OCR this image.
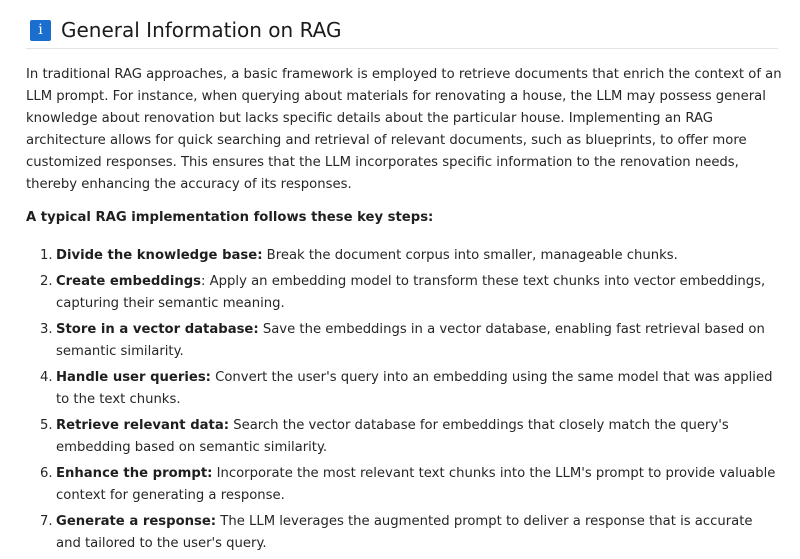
i General Information on RAG

In traditional RAG approaches, a basic framework is employed to retrieve documents that enrich the context of an LLM prompt. For instance, when querying about materials for renovating a house, the LLM may possess general knowledge about renovation but lacks specific details about the particular house. Implementing an RAG architecture allows for quick searching and retrieval of relevant documents, such as blueprints, to offer more customized responses. This ensures that the LLM incorporates specific information to the renovation needs, thereby enhancing the accuracy of its responses.

A typical RAG implementation follows these key steps:
1. Divide the knowledge base: Break the document corpus into smaller, manageable chunks.
2. Create embeddings: Apply an embedding model to transform these text chunks into vector embeddings, capturing their semantic meaning.
3. Store in a vector database: Save the embeddings in a vector database, enabling fast retrieval based on semantic similarity.
4. Handle user queries: Convert the user's query into an embedding using the same model that was applied to the text chunks.
5. Retrieve relevant data: Search the vector database for embeddings that closely match the query's embedding based on semantic similarity.
6. Enhance the prompt: Incorporate the most relevant text chunks into the LLM's prompt to provide valuable context for generating a response.
7. Generate a response: The LLM leverages the augmented prompt to deliver a response that is accurate and tailored to the user's query.
